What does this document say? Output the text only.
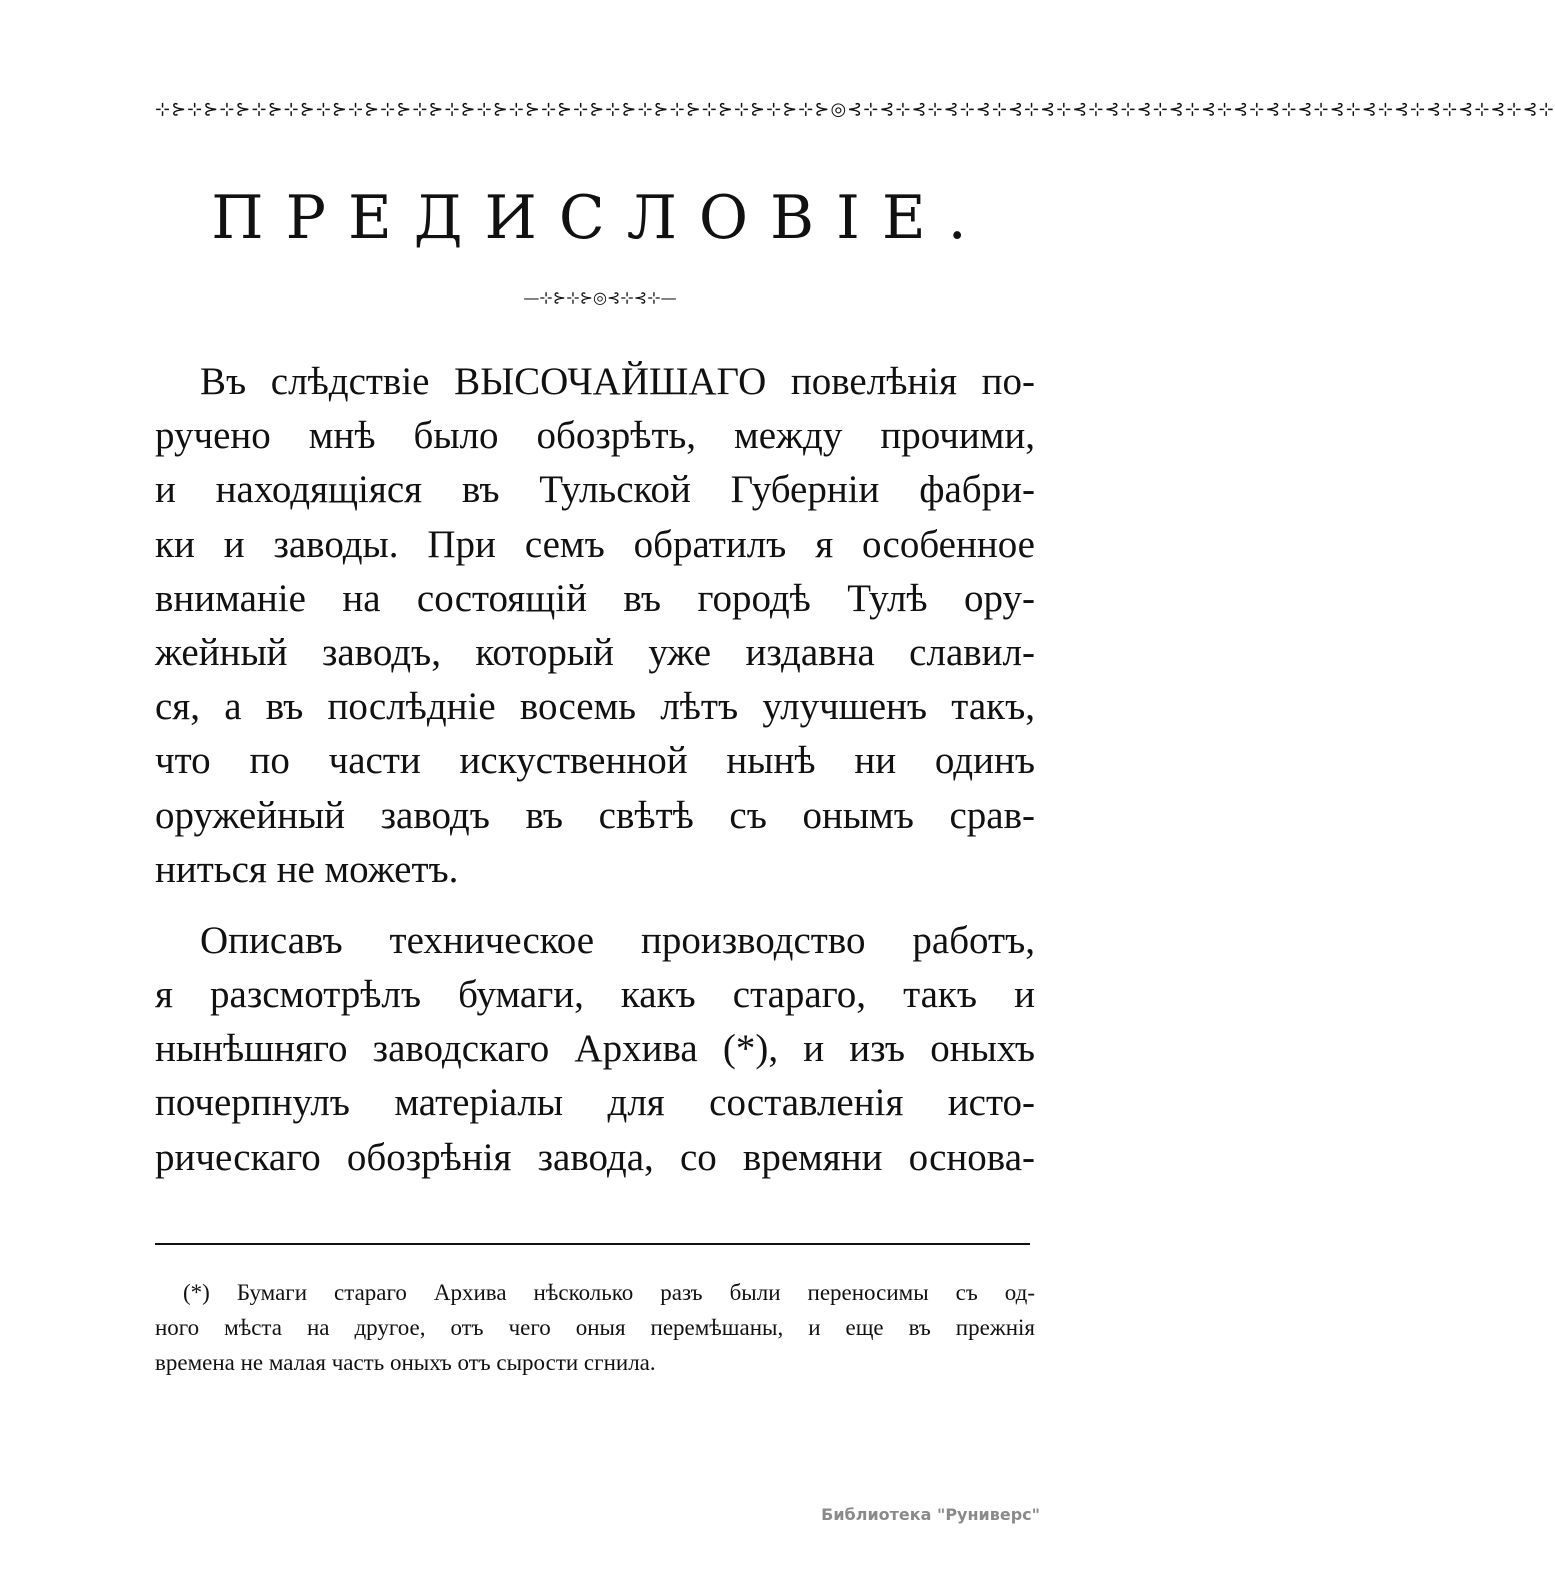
⊹⊱⊹⊱⊹⊱⊹⊱⊹⊱⊹⊱⊹⊱⊹⊱⊹⊱⊹⊱⊹⊱⊹⊱⊹⊱⊹⊱⊹⊱⊹⊱⊹⊱⊹⊱⊹⊱⊹⊱⊹⊱◎⊰⊹⊰⊹⊰⊹⊰⊹⊰⊹⊰⊹⊰⊹⊰⊹⊰⊹⊰⊹⊰⊹⊰⊹⊰⊹⊰⊹⊰⊹⊰⊹⊰⊹⊰⊹⊰⊹⊰⊹⊰⊹⊰⊹
ПРЕДИСЛОВІЕ.
—⊹⊱⊹⊱◎⊰⊹⊰⊹—
Въ слѣдствіе ВЫСОЧАЙШАГО повелѣнія по-
ручено мнѣ было обозрѣть, между прочими,
и находящіяся въ Тульской Губерніи фабри-
ки и заводы. При семъ обратилъ я особенное
вниманіе на состоящій въ городѣ Тулѣ ору-
жейный заводъ, который уже издавна славил-
ся, а въ послѣдніе восемь лѣтъ улучшенъ такъ,
что по части искуственной нынѣ ни одинъ
оружейный заводъ въ свѣтѣ съ онымъ срав-
ниться не можетъ.
Описавъ техническое производство работъ,
я разсмотрѣлъ бумаги, какъ стараго, такъ и
нынѣшняго заводскаго Архива (*), и изъ оныхъ
почерпнулъ матеріалы для составленія исто-
рическаго обозрѣнія завода, со времяни основа-
(*) Бумаги стараго Архива нѣсколько разъ были переносимы съ од-
ного мѣста на другое, отъ чего оныя перемѣшаны, и еще въ прежнія
времена не малая часть оныхъ отъ сырости сгнила.
Библиотека "Руниверс"
